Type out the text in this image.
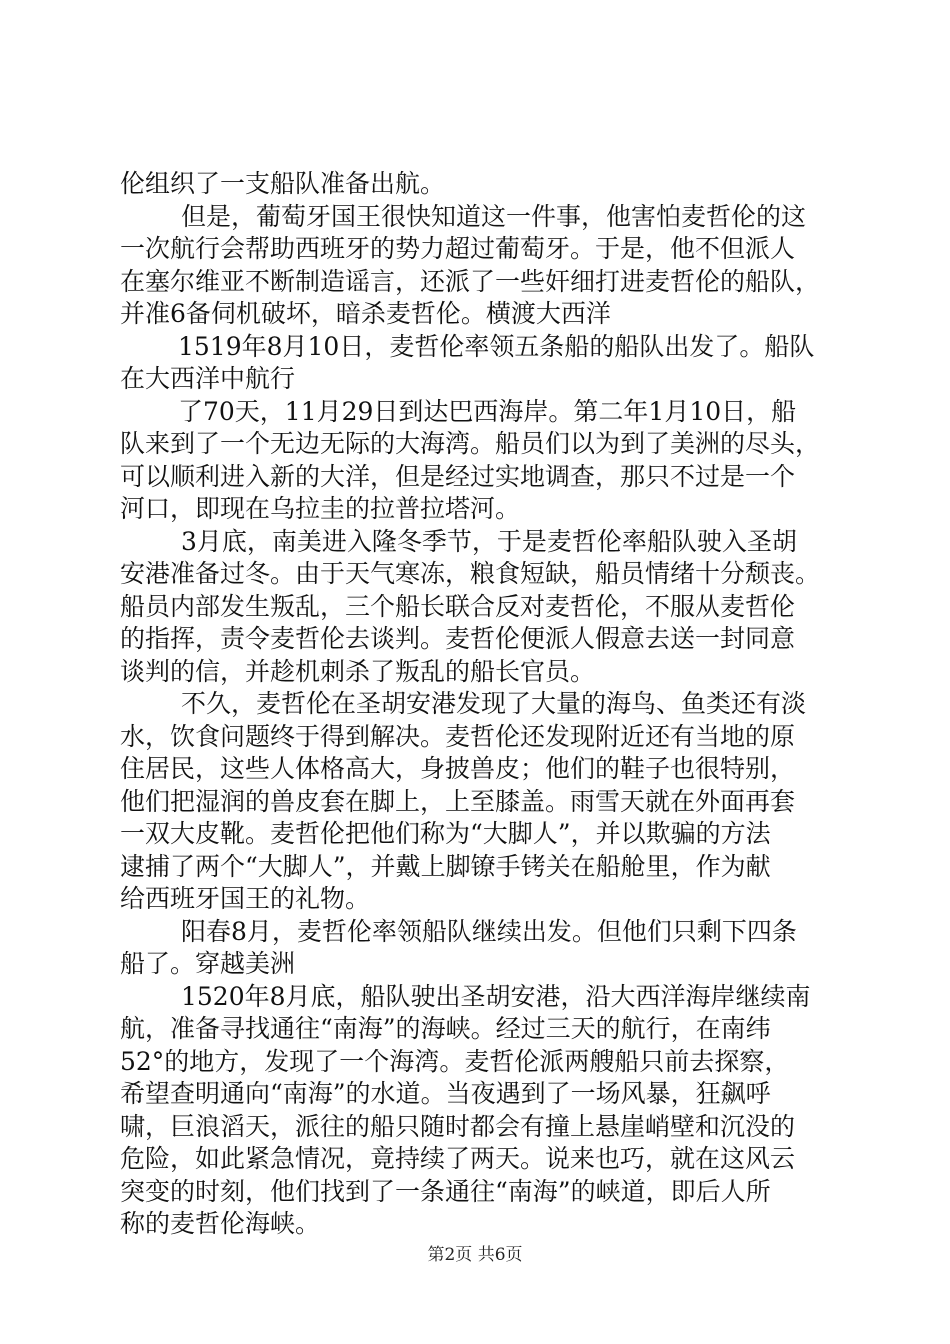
伦组织了一支船队准备出航。
但是，葡萄牙国王很快知道这一件事，他害怕麦哲伦的这
一次航行会帮助西班牙的势力超过葡萄牙。于是，他不但派人
在塞尔维亚不断制造谣言，还派了一些奸细打进麦哲伦的船队，
并准6备伺机破坏，暗杀麦哲伦。横渡大西洋
1519年8月10日，麦哲伦率领五条船的船队出发了。船队
在大西洋中航行
了70天，11月29日到达巴西海岸。第二年1月10日，船
队来到了一个无边无际的大海湾。船员们以为到了美洲的尽头，
可以顺利进入新的大洋，但是经过实地调查，那只不过是一个
河口，即现在乌拉圭的拉普拉塔河。
3月底，南美进入隆冬季节，于是麦哲伦率船队驶入圣胡
安港准备过冬。由于天气寒冻，粮食短缺，船员情绪十分颓丧。
船员内部发生叛乱，三个船长联合反对麦哲伦，不服从麦哲伦
的指挥，责令麦哲伦去谈判。麦哲伦便派人假意去送一封同意
谈判的信，并趁机刺杀了叛乱的船长官员。
不久，麦哲伦在圣胡安港发现了大量的海鸟、鱼类还有淡
水，饮食问题终于得到解决。麦哲伦还发现附近还有当地的原
住居民，这些人体格高大，身披兽皮；他们的鞋子也很特别，
他们把湿润的兽皮套在脚上，上至膝盖。雨雪天就在外面再套
一双大皮靴。麦哲伦把他们称为“大脚人”，并以欺骗的方法
逮捕了两个“大脚人”，并戴上脚镣手铐关在船舱里，作为献
给西班牙国王的礼物。
阳春8月，麦哲伦率领船队继续出发。但他们只剩下四条
船了。穿越美洲
1520年8月底，船队驶出圣胡安港，沿大西洋海岸继续南
航，准备寻找通往“南海”的海峡。经过三天的航行，在南纬
52°的地方，发现了一个海湾。麦哲伦派两艘船只前去探察，
希望查明通向“南海”的水道。当夜遇到了一场风暴，狂飙呼
啸，巨浪滔天，派往的船只随时都会有撞上悬崖峭壁和沉没的
危险，如此紧急情况，竟持续了两天。说来也巧，就在这风云
突变的时刻，他们找到了一条通往“南海”的峡道，即后人所
称的麦哲伦海峡。
第2页 共6页
